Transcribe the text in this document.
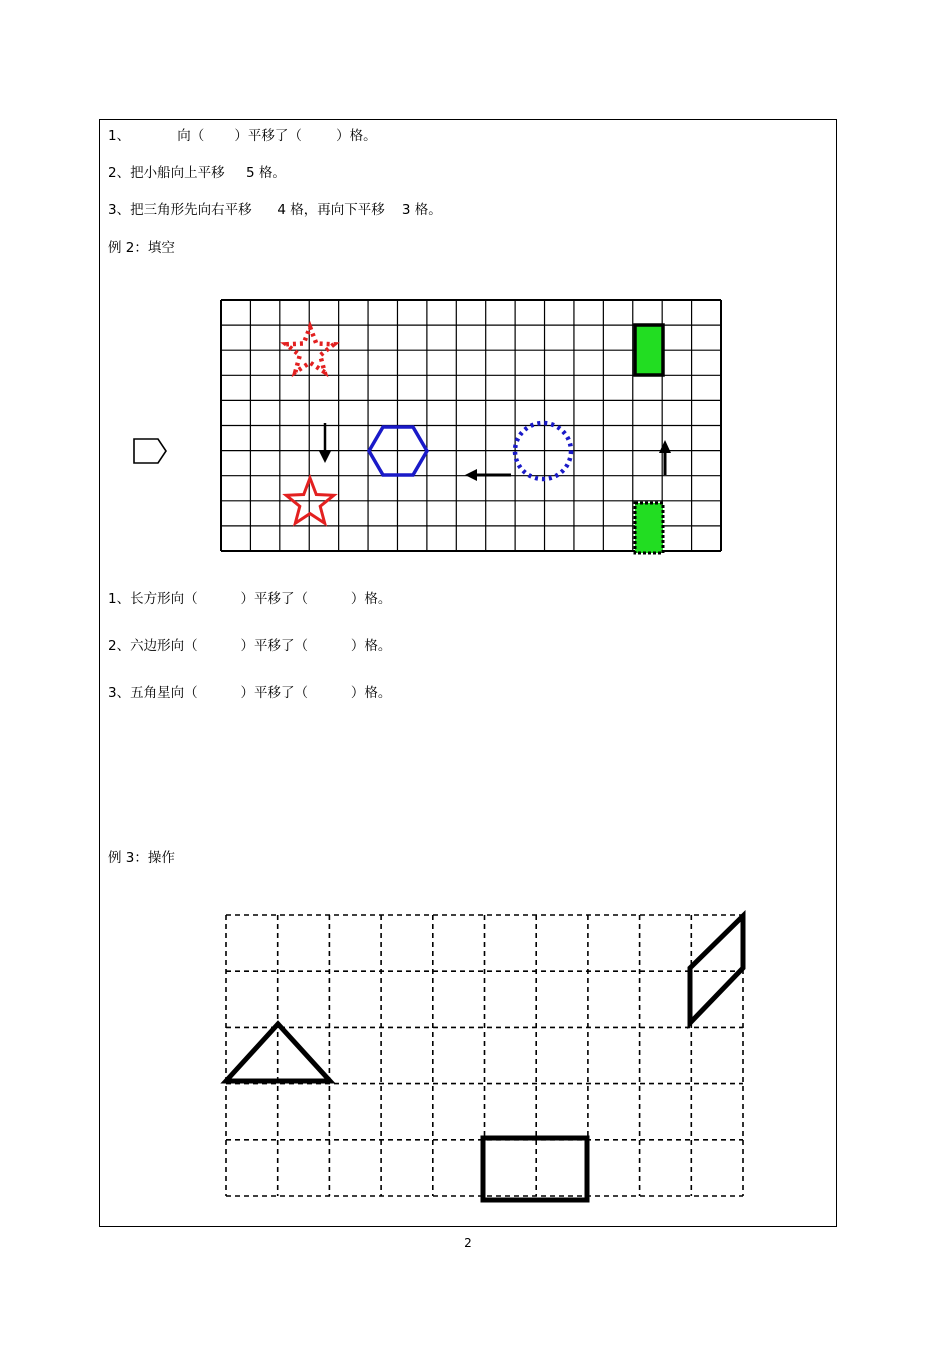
1、           向（       ）平移了（        ）格。
2、把小船向上平移     5 格。
3、把三角形先向右平移      4 格，再向下平移    3 格。
例 2：填空
1、长方形向（          ）平移了（          ）格。
2、六边形向（          ）平移了（          ）格。
3、五角星向（          ）平移了（          ）格。
例 3：操作
2
